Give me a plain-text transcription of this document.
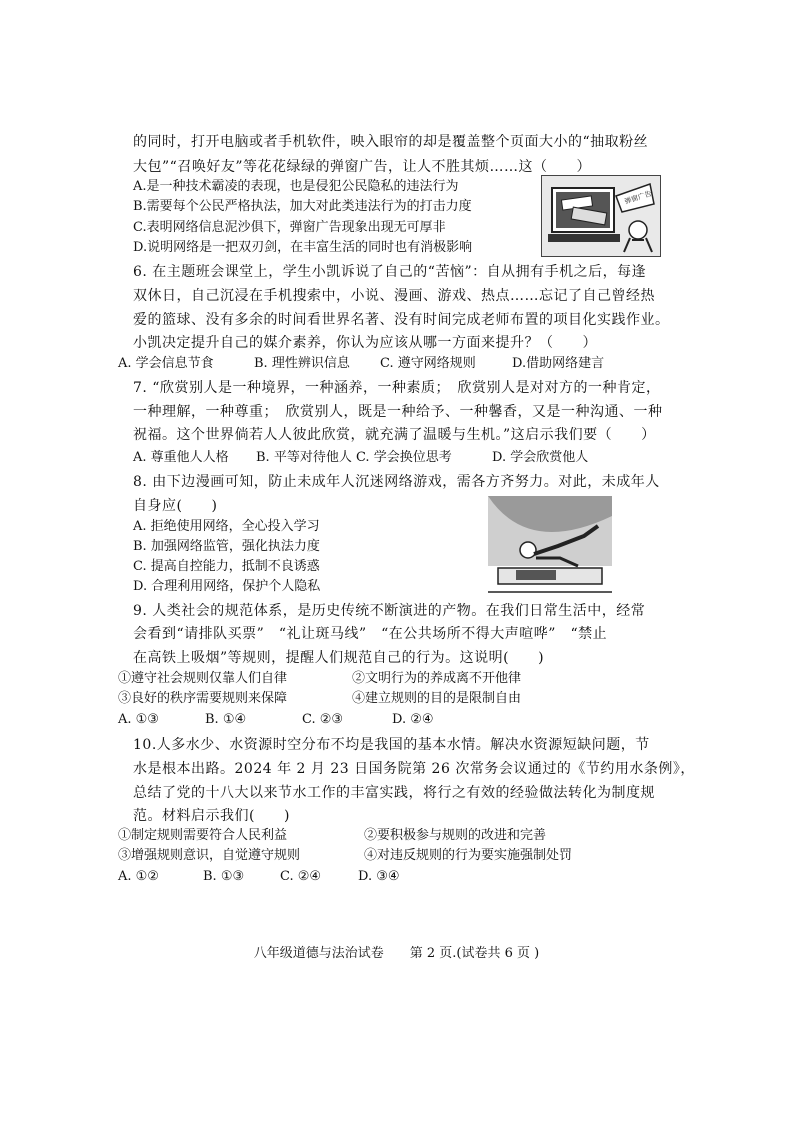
的同时，打开电脑或者手机软件，映入眼帘的却是覆盖整个页面大小的“抽取粉丝
大包”“召唤好友”等花花绿绿的弹窗广告，让人不胜其烦……这（　　）
A.是一种技术霸凌的表现，也是侵犯公民隐私的违法行为
B.需要每个公民严格执法，加大对此类违法行为的打击力度
C.表明网络信息泥沙俱下，弹窗广告现象出现无可厚非
D.说明网络是一把双刃剑，在丰富生活的同时也有消极影响
弹窗广告
6. 在主题班会课堂上，学生小凯诉说了自己的“苦恼”：自从拥有手机之后，每逢
双休日，自己沉浸在手机搜索中，小说、漫画、游戏、热点……忘记了自己曾经热
爱的篮球、没有多余的时间看世界名著、没有时间完成老师布置的项目化实践作业。
小凯决定提升自己的媒介素养，你认为应该从哪一方面来提升？（　　）
A. 学会信息节食	B. 理性辨识信息 C. 遵守网络规则	D.借助网络建言
7. “欣赏别人是一种境界，一种涵养，一种素质；　欣赏别人是对对方的一种肯定，
一种理解，一种尊重；　欣赏别人，既是一种给予、一种馨香，又是一种沟通、一种
祝福。这个世界倘若人人彼此欣赏，就充满了温暖与生机。”这启示我们要（　　）
A. 尊重他人人格 B. 平等对待他人 C. 学会换位思考	D. 学会欣赏他人
8. 由下边漫画可知，防止未成年人沉迷网络游戏，需各方齐努力。对此，未成年人
自身应(　　)
A. 拒绝使用网络，全心投入学习
B. 加强网络监管，强化执法力度
C. 提高自控能力，抵制不良诱惑
D. 合理利用网络，保护个人隐私
9. 人类社会的规范体系，是历史传统不断演进的产物。在我们日常生活中，经常
会看到“请排队买票”　“礼让斑马线”　“在公共场所不得大声喧哗”　“禁止
在高铁上吸烟”等规则，提醒人们规范自己的行为。这说明(　　)
①遵守社会规则仅靠人们自律	②文明行为的养成离不开他律
③良好的秩序需要规则来保障	④建立规则的目的是限制自由
A. ①③	B. ①④	C. ②③	D. ②④
10.人多水少、水资源时空分布不均是我国的基本水情。解决水资源短缺问题，节
水是根本出路。2024 年 2 月 23 日国务院第 26 次常务会议通过的《节约用水条例》，
总结了党的十八大以来节水工作的丰富实践，将行之有效的经验做法转化为制度规
范。材料启示我们(　　)
①制定规则需要符合人民利益	②要积极参与规则的改进和完善
③增强规则意识，自觉遵守规则	④对违反规则的行为要实施强制处罚
A. ①②	B. ①③	C. ②④	D. ③④
八年级道德与法治试卷　　第 2 页.(试卷共 6 页 )
